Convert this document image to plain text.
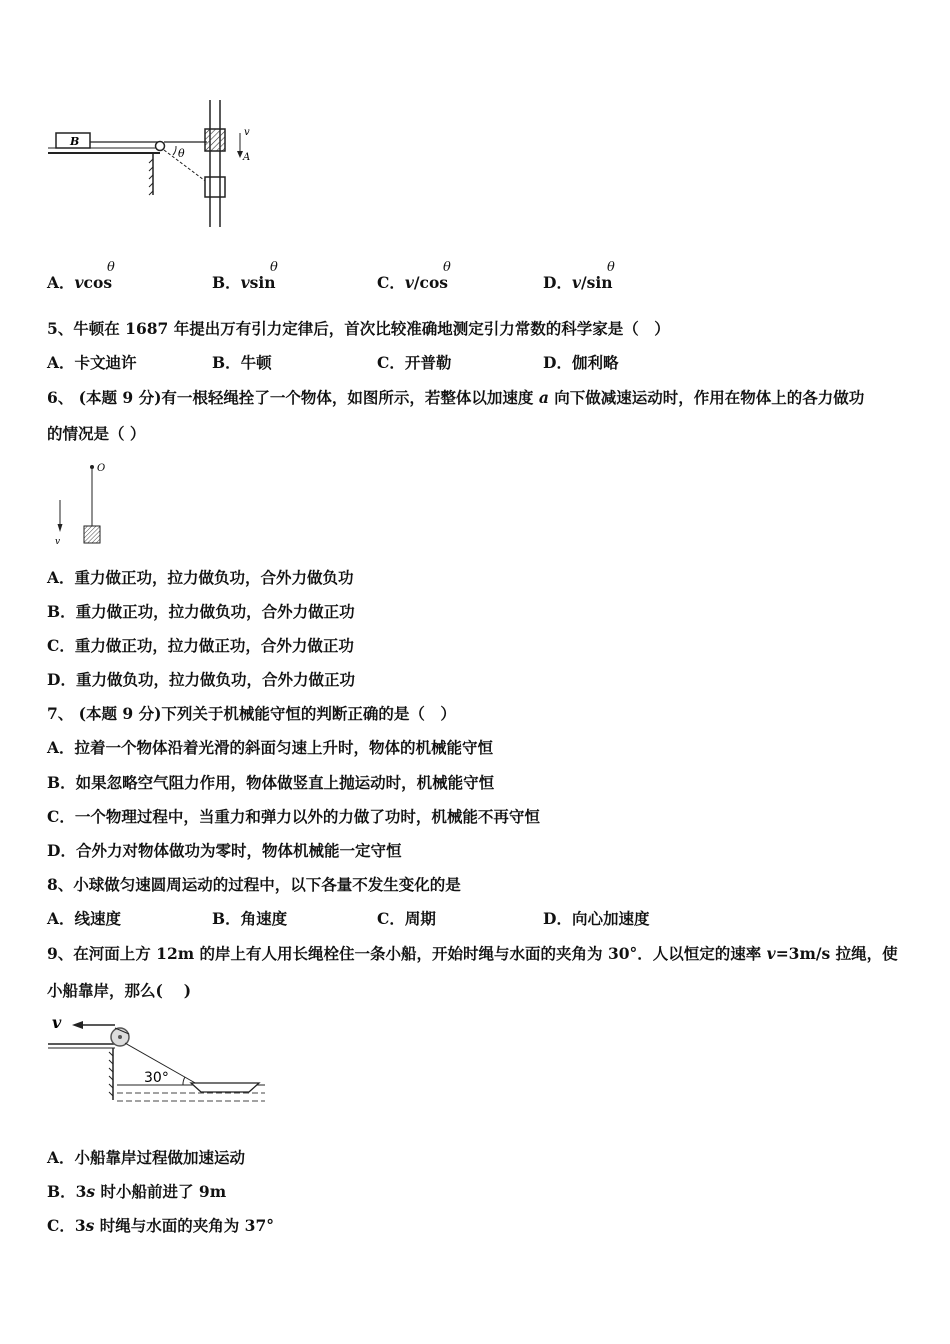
B
θ
v
A
A．vcos
θ
B．vsin
θ
C．v/cos
θ
D．v/sin
θ
5、牛顿在 1687 年提出万有引力定律后，首次比较准确地测定引力常数的科学家是（　）
A．卡文迪许	B．牛顿	C．开普勒	D．伽利略
6、 (本题 9 分)有一根轻绳拴了一个物体，如图所示，若整体以加速度 a 向下做减速运动时，作用在物体上的各力做功
的情况是（ ）
O
v
A．重力做正功，拉力做负功，合外力做负功
B．重力做正功，拉力做负功，合外力做正功
C．重力做正功，拉力做正功，合外力做正功
D．重力做负功，拉力做负功，合外力做正功
7、 (本题 9 分)下列关于机械能守恒的判断正确的是（　）
A．拉着一个物体沿着光滑的斜面匀速上升时，物体的机械能守恒
B．如果忽略空气阻力作用，物体做竖直上抛运动时，机械能守恒
C．一个物理过程中，当重力和弹力以外的力做了功时，机械能不再守恒
D．合外力对物体做功为零时，物体机械能一定守恒
8、小球做匀速圆周运动的过程中，以下各量不发生变化的是
A．线速度	B．角速度	C．周期	D．向心加速度
9、在河面上方 12m 的岸上有人用长绳栓住一条小船，开始时绳与水面的夹角为 30°．人以恒定的速率 v=3m/s 拉绳，使
小船靠岸，那么(　 )
v
30°
A．小船靠岸过程做加速运动
B．3s 时小船前进了 9m
C．3s 时绳与水面的夹角为 37°
